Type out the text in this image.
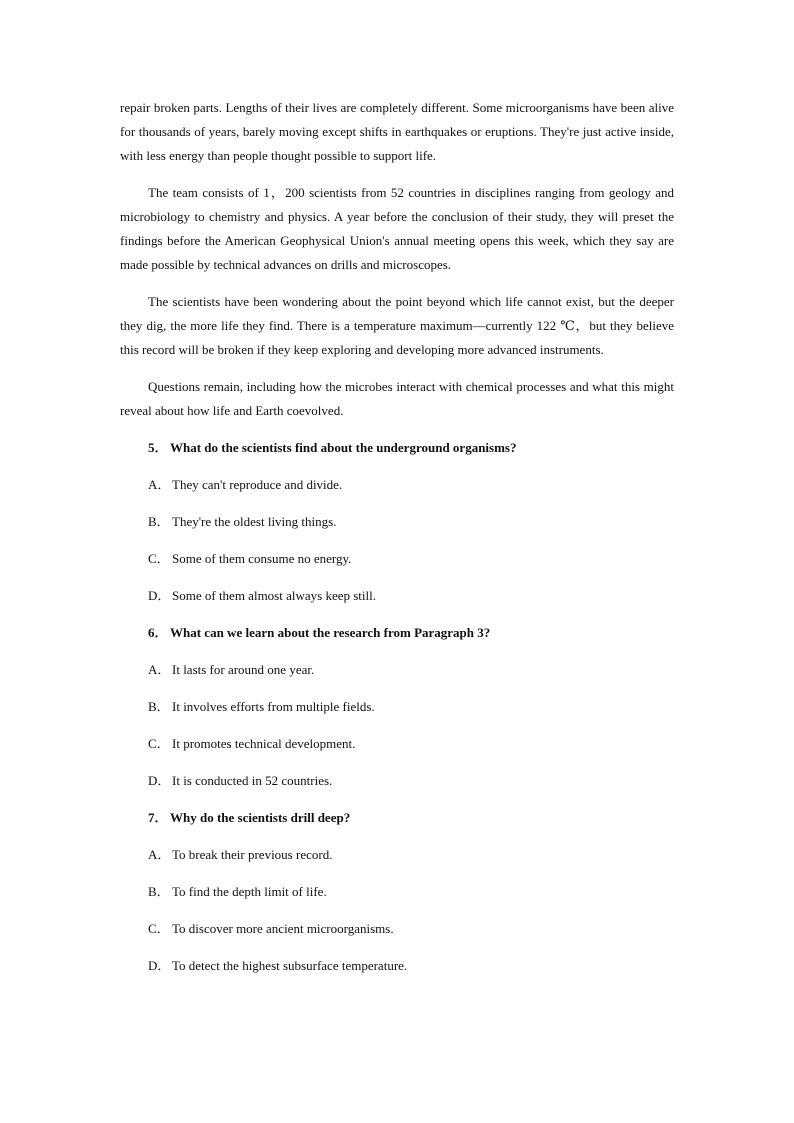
repair broken parts. Lengths of their lives are completely different. Some microorganisms have been alive for thousands of years, barely moving except shifts in earthquakes or eruptions. They're just active inside, with less energy than people thought possible to support life.

The team consists of 1，200 scientists from 52 countries in disciplines ranging from geology and microbiology to chemistry and physics. A year before the conclusion of their study, they will preset the findings before the American Geophysical Union's annual meeting opens this week, which they say are made possible by technical advances on drills and microscopes.

The scientists have been wondering about the point beyond which life cannot exist, but the deeper they dig, the more life they find. There is a temperature maximum—currently 122 ℃，but they believe this record will be broken if they keep exploring and developing more advanced instruments.

Questions remain, including how the microbes interact with chemical processes and what this might reveal about how life and Earth coevolved.

5． What do the scientists find about the underground organisms?

A． They can't reproduce and divide.

B． They're the oldest living things.

C． Some of them consume no energy.

D． Some of them almost always keep still.

6． What can we learn about the research from Paragraph 3?

A． It lasts for around one year.

B． It involves efforts from multiple fields.

C． It promotes technical development.

D． It is conducted in 52 countries.

7． Why do the scientists drill deep?

A． To break their previous record.

B． To find the depth limit of life.

C． To discover more ancient microorganisms.

D． To detect the highest subsurface temperature.
